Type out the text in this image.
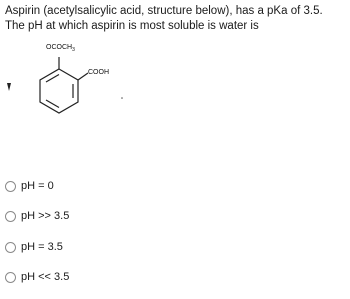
Aspirin (acetylsalicylic acid, structure below), has a pKa of 3.5. The pH at which aspirin is most soluble is water is
$OCOCH_3$
COOH
pH = 0
pH >> 3.5
pH = 3.5
pH << 3.5
